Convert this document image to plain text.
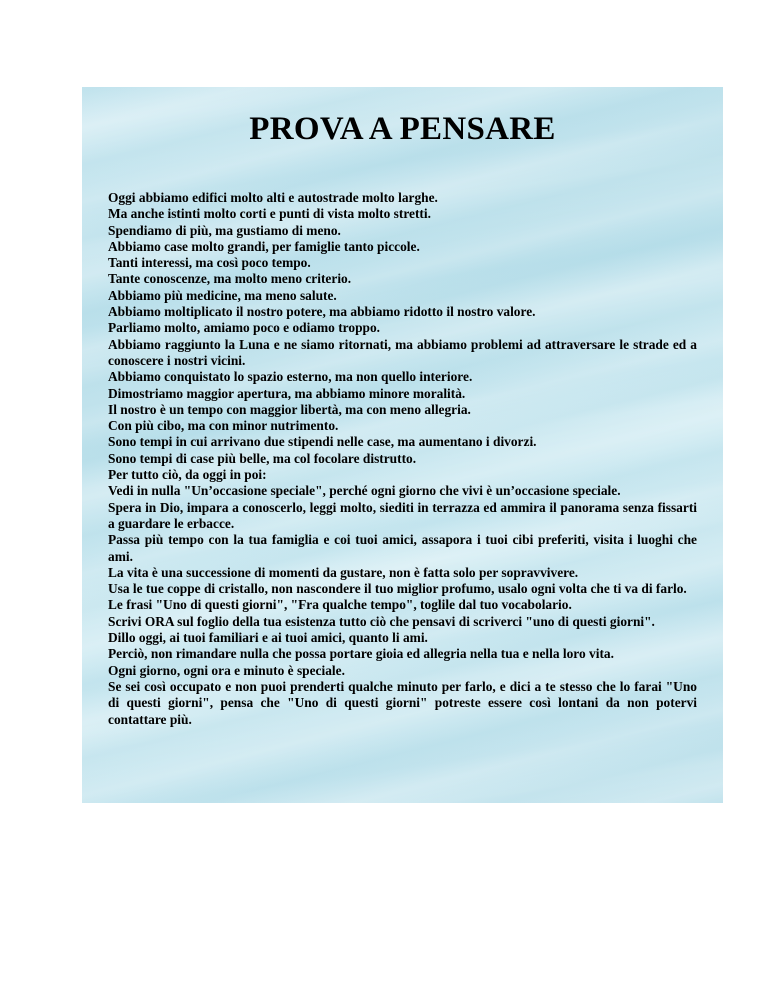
PROVA A PENSARE
Oggi abbiamo edifici molto alti e autostrade molto larghe.
Ma anche istinti molto corti e punti di vista molto stretti.
Spendiamo di più, ma gustiamo di meno.
Abbiamo case molto grandi, per famiglie tanto piccole.
Tanti interessi, ma così poco tempo.
Tante conoscenze, ma molto meno criterio.
Abbiamo più medicine, ma meno salute.
Abbiamo moltiplicato il nostro potere, ma abbiamo ridotto il nostro valore.
Parliamo molto, amiamo poco e odiamo troppo.
Abbiamo raggiunto la Luna e ne siamo ritornati, ma abbiamo problemi ad attraversare le strade ed a conoscere i nostri vicini.
Abbiamo conquistato lo spazio esterno, ma non quello interiore.
Dimostriamo maggior apertura, ma abbiamo minore moralità.
Il nostro è un tempo con maggior libertà, ma con meno allegria.
Con più cibo, ma con minor nutrimento.
Sono tempi in cui arrivano due stipendi nelle case, ma aumentano i divorzi.
Sono tempi di case più belle, ma col focolare distrutto.
Per tutto ciò, da oggi in poi:
Vedi in nulla "Un’occasione speciale", perché ogni giorno che vivi è un’occasione speciale.
Spera in Dio, impara a conoscerlo, leggi molto, siediti in terrazza ed ammira il panorama senza fissarti a guardare le erbacce.
Passa più tempo con la tua famiglia e coi tuoi amici, assapora i tuoi cibi preferiti, visita i luoghi che ami.
La vita è una successione di momenti da gustare, non è fatta solo per sopravvivere.
Usa le tue coppe di cristallo, non nascondere il tuo miglior profumo, usalo ogni volta che ti va di farlo.
Le frasi "Uno di questi giorni", "Fra qualche tempo", toglile dal tuo vocabolario.
Scrivi ORA sul foglio della tua esistenza tutto ciò che pensavi di scriverci "uno di questi giorni".
Dillo oggi, ai tuoi familiari e ai tuoi amici, quanto li ami.
Perciò, non rimandare nulla che possa portare gioia ed allegria nella tua e nella loro vita.
Ogni giorno, ogni ora e minuto è speciale.
Se sei così occupato e non puoi prenderti qualche minuto per farlo, e dici a te stesso che lo farai "Uno di questi giorni", pensa che "Uno di questi giorni" potreste essere così lontani da non potervi contattare più.
